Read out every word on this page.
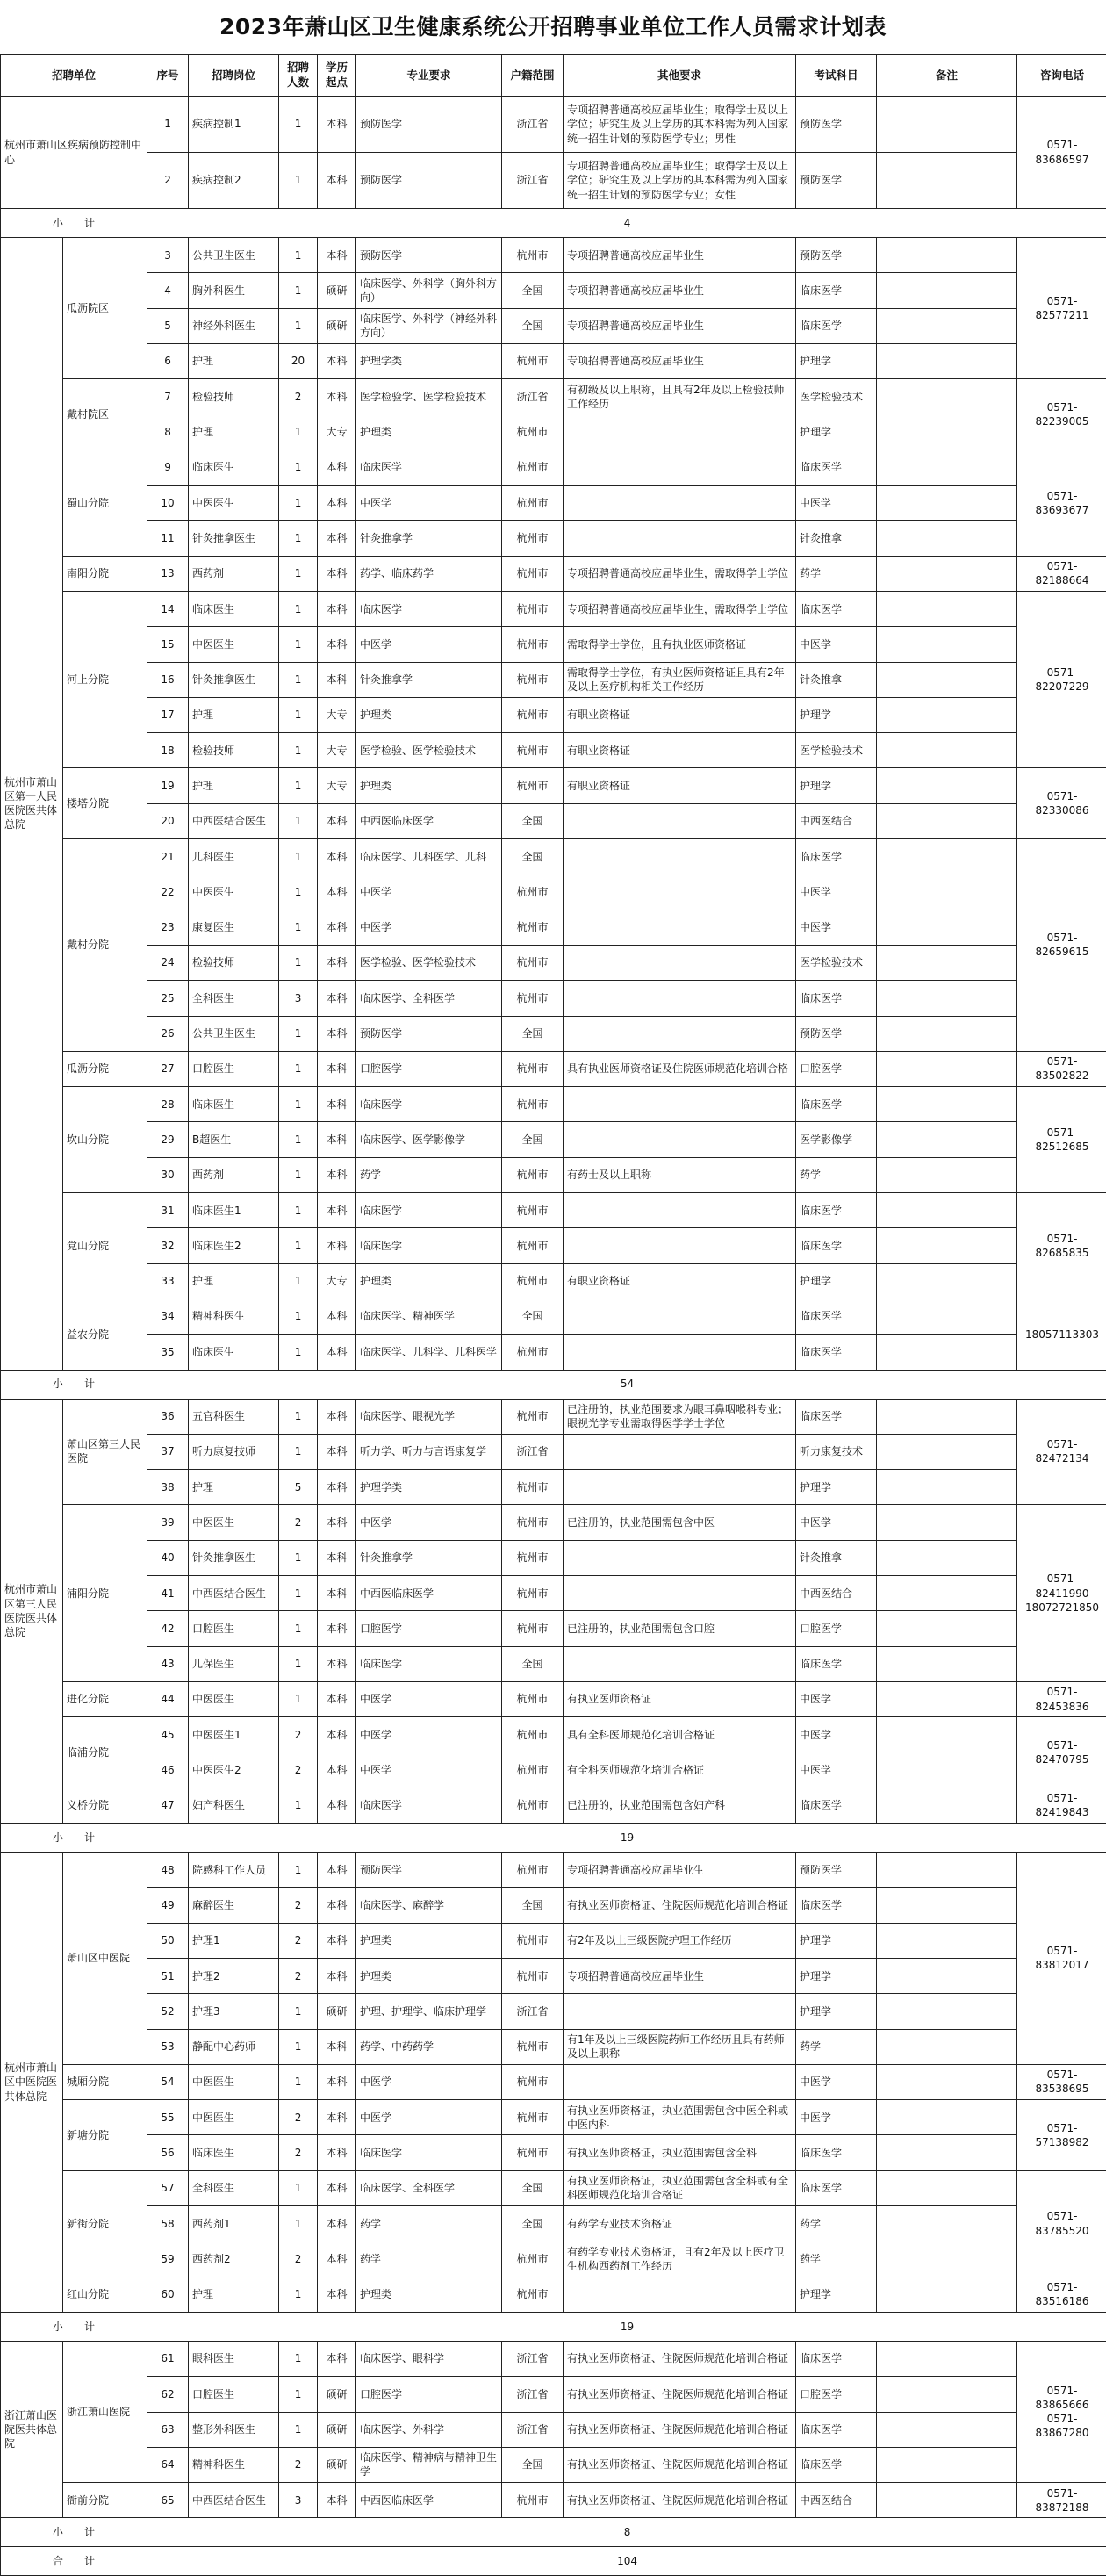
2023年萧山区卫生健康系统公开招聘事业单位工作人员需求计划表
招聘单位		序号	招聘岗位	招聘人数	学历起点	专业要求	户籍范围	其他要求	考试科目	备注	咨询电话
杭州市萧山区疾病预防控制中心		1	疾病控制1	1	本科	预防医学	浙江省	专项招聘普通高校应届毕业生；取得学士及以上学位；研究生及以上学历的其本科需为列入国家统一招生计划的预防医学专业；男性	预防医学		0571-83686597
		2	疾病控制2	1	本科	预防医学	浙江省	专项招聘普通高校应届毕业生；取得学士及以上学位；研究生及以上学历的其本科需为列入国家统一招生计划的预防医学专业；女性	预防医学		
小　　计		4									
杭州市萧山区第一人民医院医共体总院	瓜沥院区	3	公共卫生医生	1	本科	预防医学	杭州市	专项招聘普通高校应届毕业生	预防医学		0571-82577211
		4	胸外科医生	1	硕研	临床医学、外科学（胸外科方向）	全国	专项招聘普通高校应届毕业生	临床医学		
		5	神经外科医生	1	硕研	临床医学、外科学（神经外科方向）	全国	专项招聘普通高校应届毕业生	临床医学		
		6	护理	20	本科	护理学类	杭州市	专项招聘普通高校应届毕业生	护理学		
	戴村院区	7	检验技师	2	本科	医学检验学、医学检验技术	浙江省	有初级及以上职称，且具有2年及以上检验技师工作经历	医学检验技术		0571-82239005
		8	护理	1	大专	护理类	杭州市		护理学		
	蜀山分院	9	临床医生	1	本科	临床医学	杭州市		临床医学		0571-83693677
		10	中医医生	1	本科	中医学	杭州市		中医学		
		11	针灸推拿医生	1	本科	针灸推拿学	杭州市		针灸推拿		
	南阳分院	13	西药剂	1	本科	药学、临床药学	杭州市	专项招聘普通高校应届毕业生，需取得学士学位	药学		0571-82188664
	河上分院	14	临床医生	1	本科	临床医学	杭州市	专项招聘普通高校应届毕业生，需取得学士学位	临床医学		0571-82207229
		15	中医医生	1	本科	中医学	杭州市	需取得学士学位，且有执业医师资格证	中医学		
		16	针灸推拿医生	1	本科	针灸推拿学	杭州市	需取得学士学位，有执业医师资格证且具有2年及以上医疗机构相关工作经历	针灸推拿		
		17	护理	1	大专	护理类	杭州市	有职业资格证	护理学		
		18	检验技师	1	大专	医学检验、医学检验技术	杭州市	有职业资格证	医学检验技术		
	楼塔分院	19	护理	1	大专	护理类	杭州市	有职业资格证	护理学		0571-82330086
		20	中西医结合医生	1	本科	中西医临床医学	全国		中西医结合		
	戴村分院	21	儿科医生	1	本科	临床医学、儿科医学、儿科	全国		临床医学		0571-82659615
		22	中医医生	1	本科	中医学	杭州市		中医学		
		23	康复医生	1	本科	中医学	杭州市		中医学		
		24	检验技师	1	本科	医学检验、医学检验技术	杭州市		医学检验技术		
		25	全科医生	3	本科	临床医学、全科医学	杭州市		临床医学		
		26	公共卫生医生	1	本科	预防医学	全国		预防医学		
	瓜沥分院	27	口腔医生	1	本科	口腔医学	杭州市	具有执业医师资格证及住院医师规范化培训合格	口腔医学		0571-83502822
	坎山分院	28	临床医生	1	本科	临床医学	杭州市		临床医学		0571-82512685
		29	B超医生	1	本科	临床医学、医学影像学	全国		医学影像学		
		30	西药剂	1	本科	药学	杭州市	有药士及以上职称	药学		
	党山分院	31	临床医生1	1	本科	临床医学	杭州市		临床医学		0571-82685835
		32	临床医生2	1	本科	临床医学	杭州市		临床医学		
		33	护理	1	大专	护理类	杭州市	有职业资格证	护理学		
	益农分院	34	精神科医生	1	本科	临床医学、精神医学	全国		临床医学		18057113303
		35	临床医生	1	本科	临床医学、儿科学、儿科医学	杭州市		临床医学		
小　　计		54									
杭州市萧山区第三人民医院医共体总院	萧山区第三人民医院	36	五官科医生	1	本科	临床医学、眼视光学	杭州市	已注册的，执业范围要求为眼耳鼻咽喉科专业；眼视光学专业需取得医学学士学位	临床医学		0571-82472134
		37	听力康复技师	1	本科	听力学、听力与言语康复学	浙江省		听力康复技术		
		38	护理	5	本科	护理学类	杭州市		护理学		
	浦阳分院	39	中医医生	2	本科	中医学	杭州市	已注册的，执业范围需包含中医	中医学		0571-82411990 18072721850
		40	针灸推拿医生	1	本科	针灸推拿学	杭州市		针灸推拿		
		41	中西医结合医生	1	本科	中西医临床医学	杭州市		中西医结合		
		42	口腔医生	1	本科	口腔医学	杭州市	已注册的，执业范围需包含口腔	口腔医学		
		43	儿保医生	1	本科	临床医学	全国		临床医学		
	进化分院	44	中医医生	1	本科	中医学	杭州市	有执业医师资格证	中医学		0571-82453836
	临浦分院	45	中医医生1	2	本科	中医学	杭州市	具有全科医师规范化培训合格证	中医学		0571-82470795
		46	中医医生2	2	本科	中医学	杭州市	有全科医师规范化培训合格证	中医学		
	义桥分院	47	妇产科医生	1	本科	临床医学	杭州市	已注册的，执业范围需包含妇产科	临床医学		0571-82419843
小　　计		19									
杭州市萧山区中医院医共体总院	萧山区中医院	48	院感科工作人员	1	本科	预防医学	杭州市	专项招聘普通高校应届毕业生	预防医学		0571-83812017
		49	麻醉医生	2	本科	临床医学、麻醉学	全国	有执业医师资格证、住院医师规范化培训合格证	临床医学		
		50	护理1	2	本科	护理类	杭州市	有2年及以上三级医院护理工作经历	护理学		
		51	护理2	2	本科	护理类	杭州市	专项招聘普通高校应届毕业生	护理学		
		52	护理3	1	硕研	护理、护理学、临床护理学	浙江省		护理学		
		53	静配中心药师	1	本科	药学、中药药学	杭州市	有1年及以上三级医院药师工作经历且具有药师及以上职称	药学		
	城厢分院	54	中医医生	1	本科	中医学	杭州市		中医学		0571-83538695
	新塘分院	55	中医医生	2	本科	中医学	杭州市	有执业医师资格证，执业范围需包含中医全科或中医内科	中医学		0571-57138982
		56	临床医生	2	本科	临床医学	杭州市	有执业医师资格证，执业范围需包含全科	临床医学		
	新街分院	57	全科医生	1	本科	临床医学、全科医学	全国	有执业医师资格证，执业范围需包含全科或有全科医师规范化培训合格证	临床医学		0571-83785520
		58	西药剂1	1	本科	药学	全国	有药学专业技术资格证	药学		
		59	西药剂2	2	本科	药学	杭州市	有药学专业技术资格证，且有2年及以上医疗卫生机构西药剂工作经历	药学		
	红山分院	60	护理	1	本科	护理类	杭州市		护理学		0571-83516186
小　　计		19									
浙江萧山医院医共体总院	浙江萧山医院	61	眼科医生	1	本科	临床医学、眼科学	浙江省	有执业医师资格证、住院医师规范化培训合格证	临床医学		0571-83865666 0571-83867280
		62	口腔医生	1	硕研	口腔医学	浙江省	有执业医师资格证、住院医师规范化培训合格证	口腔医学		
		63	整形外科医生	1	硕研	临床医学、外科学	浙江省	有执业医师资格证、住院医师规范化培训合格证	临床医学		
		64	精神科医生	2	硕研	临床医学、精神病与精神卫生学	全国	有执业医师资格证、住院医师规范化培训合格证	临床医学		
	衙前分院	65	中西医结合医生	3	本科	中西医临床医学	杭州市	有执业医师资格证、住院医师规范化培训合格证	中西医结合		0571-83872188
小　　计		8									
合　　计		104									
